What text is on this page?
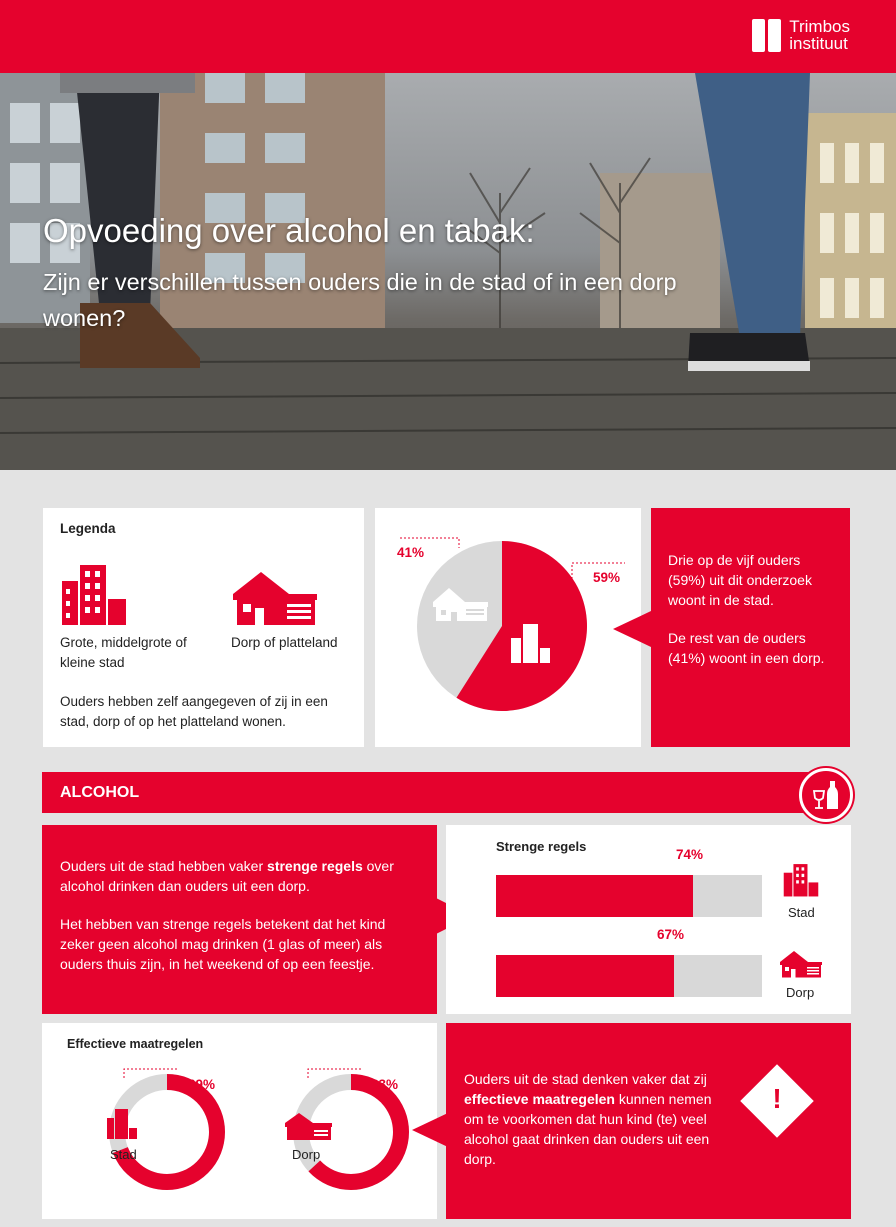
Trimbos
instituut
Opvoeding over alcohol en tabak:
Zijn er verschillen tussen ouders die in de stad of in een dorp wonen?
Legenda
Grote, middelgrote of kleine stad
Dorp of platteland
Ouders hebben zelf aangegeven of zij in een stad, dorp of op het platteland wonen.
41%
59%
Drie op de vijf ouders (59%) uit dit onderzoek woont in de stad.
De rest van de ouders (41%) woont in een dorp.
ALCOHOL
Ouders uit de stad hebben vaker strenge regels over alcohol drinken dan ouders uit een dorp.
Het hebben van strenge regels betekent dat het kind zeker geen alcohol mag drinken (1 glas of meer) als ouders thuis zijn, in het weekend of op een feestje.
Strenge regels
74%
Stad
67%
Dorp
Effectieve maatregelen
69%
Stad
63%
Dorp
Ouders uit de stad denken vaker dat zij effectieve maatregelen kunnen nemen om te voorkomen dat hun kind (te) veel alcohol gaat drinken dan ouders uit een dorp.
!
